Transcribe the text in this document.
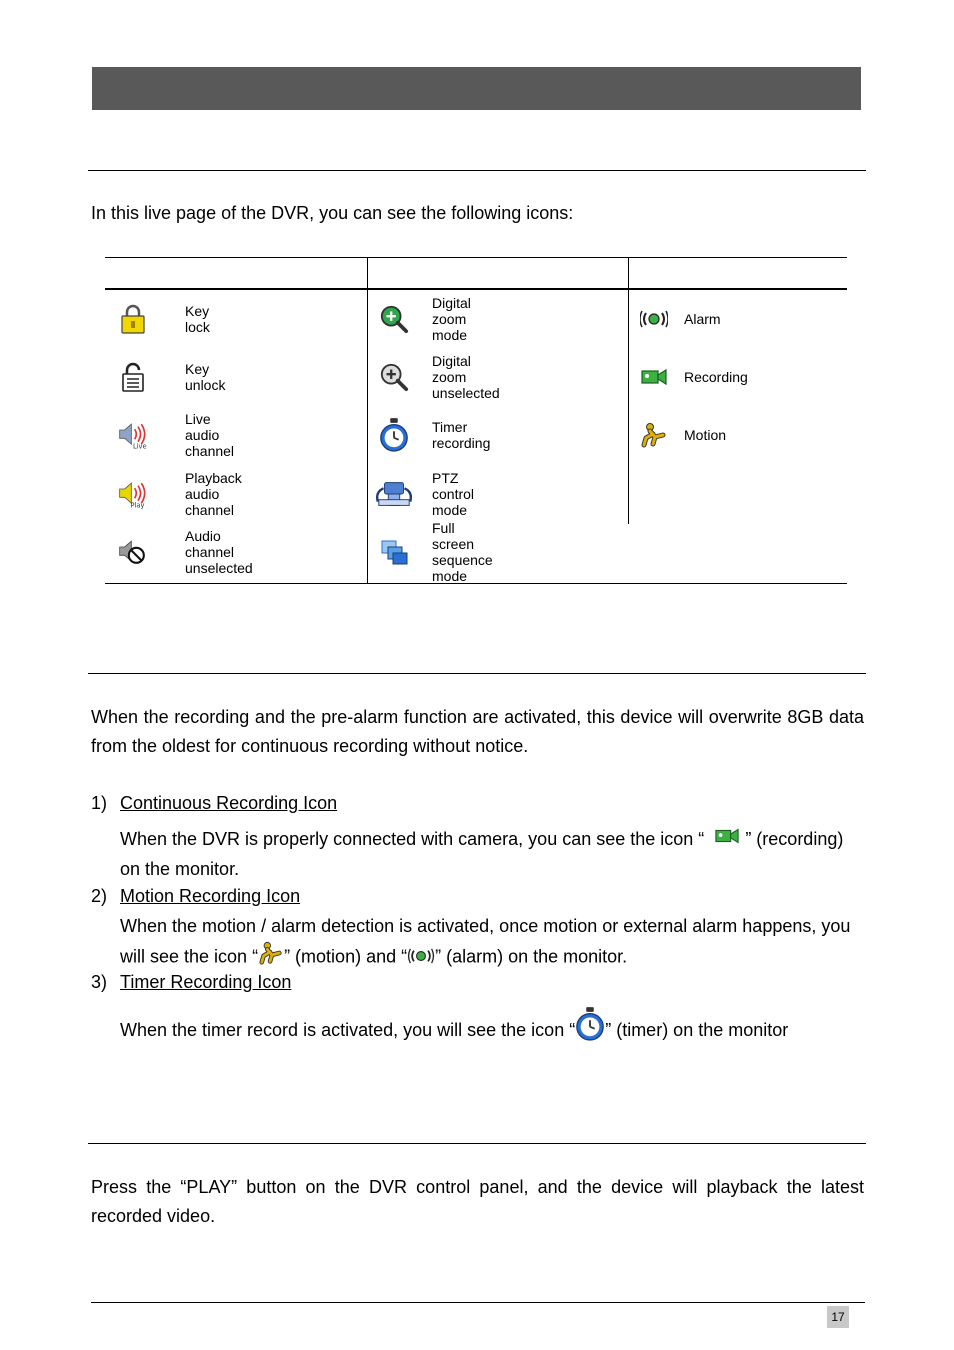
In this live page of the DVR, you can see the following icons:
Key lock
Key unlock
Live
Live audio channel
Play
Playback audio channel
Audio channel unselected
Digital zoom mode
Digital zoom unselected
Timer recording
PTZ control mode
Full screen sequence mode
Alarm
Recording
Motion
When the recording and the pre-alarm function are activated, this device will overwrite 8GB data from the oldest for continuous recording without notice.
1) Continuous Recording Icon
When the DVR is properly connected with camera, you can see the icon “ ” (recording) on the monitor.
2) Motion Recording Icon
When the motion / alarm detection is activated, once motion or external alarm happens, you will see the icon “ ” (motion) and “ ” (alarm) on the monitor.
3) Timer Recording Icon
When the timer record is activated, you will see the icon “ ” (timer) on the monitor
Press the “PLAY” button on the DVR control panel, and the device will playback the latest recorded video.
17
